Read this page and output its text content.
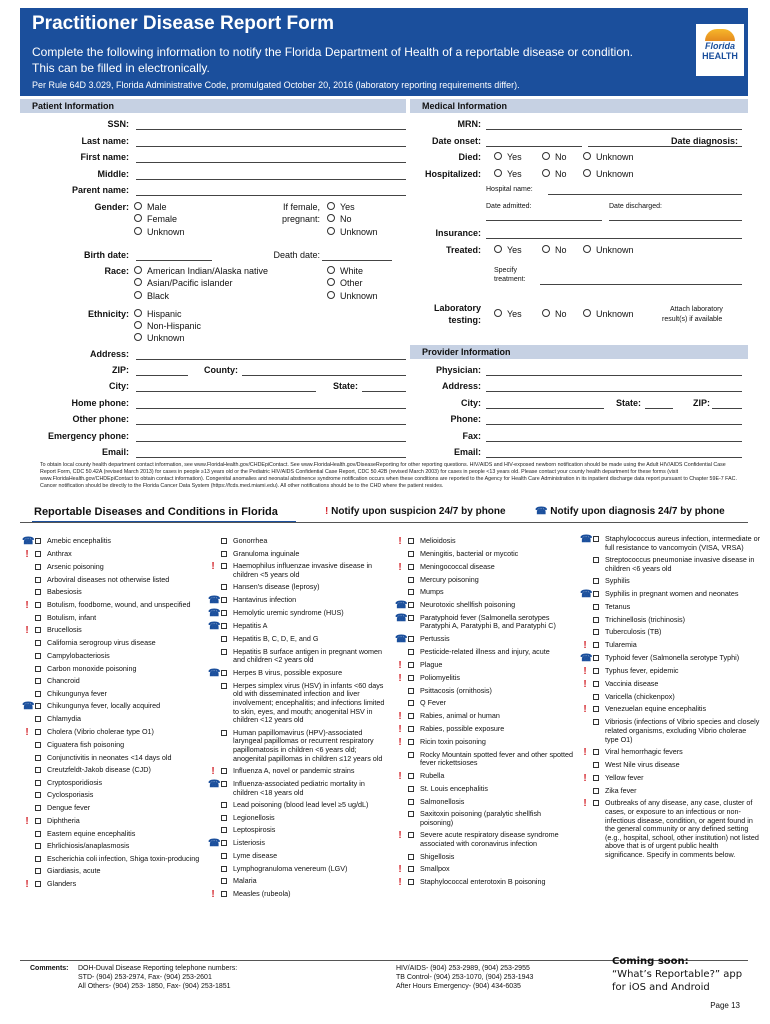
Practitioner Disease Report Form
Complete the following information to notify the Florida Department of Health of a reportable disease or condition.
This can be filled in electronically.
Per Rule 64D 3.029, Florida Administrative Code, promulgated October 20, 2016 (laboratory reporting requirements differ).
Florida
HEALTH
Patient Information	Medical Information
Provider Information
SSN:
Last name:
First name:
Middle:
Parent name:
Gender:	Male
Female
Unknown
If female,
pregnant:
Yes
No
Unknown
Birth date:	Death date:
Race:	American Indian/Alaska native
Asian/Pacific islander
Black
White
Other
Unknown
Ethnicity:	Hispanic
Non-Hispanic
Unknown
Address:
ZIP:	County:
City:	State:
Home phone:
Other phone:
Emergency phone:
Email:
MRN:
Date onset:	Date diagnosis:
Died:	Yes	No	Unknown
Hospitalized:	Yes	No	Unknown
Hospital name:
Date admitted:	Date discharged:
Insurance:
Treated:	Yes	No	Unknown
Specify
treatment:
Laboratory
testing:
Yes	No	Unknown	Attach laboratory
result(s) if available
Physician:
Address:
City:	State:	ZIP:
Phone:
Fax:
Email:
To obtain local county health department contact information, see www.FloridaHealth.gov/CHDEpiContact. See www.FloridaHealth.gov/DiseaseReporting for other reporting questions. HIV/AIDS and HIV-exposed newborn notification should be made using the Adult HIV/AIDS Confidential Case Report Form, CDC 50.42A (revised March 2013) for cases in people ≥13 years old or the Pediatric HIV/AIDS Confidential Case Report, CDC 50.42B (revised March 2003) for cases in people <13 years old. Please contact your county health department for these forms (visit www.FloridaHealth.gov/CHDEpiContact to obtain contact information). Congenital anomalies and neonatal abstinence syndrome notification occurs when these conditions are reported to the Agency for Health Care Administration in its inpatient discharge data report pursuant to Chapter 59E-7 FAC. Cancer notification should be directly to the Florida Cancer Data System (https://fcds.med.miami.edu). All other notifications should be to the CHD where the patient resides.
Reportable Diseases and Conditions in Florida	! Notify upon suspicion 24/7 by phone	☎ Notify upon diagnosis 24/7 by phone
☎ Amebic encephalitis
!	Anthrax
Arsenic poisoning
Arboviral diseases not otherwise listed
Babesiosis
!	Botulism, foodborne, wound, and unspecified
Botulism, infant
!	Brucellosis
California serogroup virus disease
Campylobacteriosis
Carbon monoxide poisoning
Chancroid
Chikungunya fever
☎ Chikungunya fever, locally acquired
Chlamydia
!	Cholera (Vibrio cholerae type O1)
Ciguatera fish poisoning
Conjunctivitis in neonates <14 days old
Creutzfeldt-Jakob disease (CJD)
Cryptosporidiosis
Cyclosporiasis
Dengue fever
!	Diphtheria
Eastern equine encephalitis
Ehrlichiosis/anaplasmosis
Escherichia coli infection, Shiga toxin-producing
Giardiasis, acute
!	Glanders
Gonorrhea
Granuloma inguinale
!	Haemophilus influenzae invasive disease in children <5 years old
Hansen's disease (leprosy)
☎ Hantavirus infection
☎ Hemolytic uremic syndrome (HUS)
☎ Hepatitis A
Hepatitis B, C, D, E, and G
Hepatitis B surface antigen in pregnant women and children <2 years old
☎ Herpes B virus, possible exposure
Herpes simplex virus (HSV) in infants <60 days old with disseminated infection and liver involvement; encephalitis; and infections limited to skin, eyes, and mouth; anogenital HSV in children <12 years old
Human papillomavirus (HPV)-associated laryngeal papillomas or recurrent respiratory papillomatosis in children <6 years old; anogenital papillomas in children ≤12 years old
!	Influenza A, novel or pandemic strains
☎ Influenza-associated pediatric mortality in children <18 years old
Lead poisoning (blood lead level ≥5 ug/dL)
Legionellosis
Leptospirosis
☎ Listeriosis
Lyme disease
Lymphogranuloma venereum (LGV)
Malaria
!	Measles (rubeola)
!	Melioidosis
Meningitis, bacterial or mycotic
!	Meningococcal disease
Mercury poisoning
Mumps
☎ Neurotoxic shellfish poisoning
☎ Paratyphoid fever (Salmonella serotypes Paratyphi A, Paratyphi B, and Paratyphi C)
☎ Pertussis
Pesticide-related illness and injury, acute
!	Plague
!	Poliomyelitis
Psittacosis (ornithosis)
Q Fever
!	Rabies, animal or human
!	Rabies, possible exposure
!	Ricin toxin poisoning
Rocky Mountain spotted fever and other spotted fever rickettsioses
!	Rubella
St. Louis encephalitis
Salmonellosis
Saxitoxin poisoning (paralytic shellfish poisoning)
!	Severe acute respiratory disease syndrome associated with coronavirus infection
Shigellosis
!	Smallpox
!	Staphylococcal enterotoxin B poisoning
☎ Staphylococcus aureus infection, intermediate or full resistance to vancomycin (VISA, VRSA)
Streptococcus pneumoniae invasive disease in children <6 years old
Syphilis
☎ Syphilis in pregnant women and neonates
Tetanus
Trichinellosis (trichinosis)
Tuberculosis (TB)
!	Tularemia
☎ Typhoid fever (Salmonella serotype Typhi)
!	Typhus fever, epidemic
!	Vaccinia disease
Varicella (chickenpox)
!	Venezuelan equine encephalitis
Vibriosis (infections of Vibrio species and closely related organisms, excluding Vibrio cholerae type O1)
!	Viral hemorrhagic fevers
West Nile virus disease
!	Yellow fever
Zika fever
!	Outbreaks of any disease, any case, cluster of cases, or exposure to an infectious or non-infectious disease, condition, or agent found in the general community or any defined setting (e.g., hospital, school, other institution) not listed above that is of urgent public health significance. Specify in comments below.
Comments: DOH-Duval Disease Reporting telephone numbers:
STD- (904) 253-2974, Fax- (904) 253-2601
All Others- (904) 253- 1850, Fax- (904) 253-1851
HIV/AIDS- (904) 253-2989, (904) 253-2955
TB Control- (904) 253-1070, (904) 253-1943
After Hours Emergency- (904) 434-6035
Coming soon:
“What’s Reportable?” app
for iOS and Android
Page 13
